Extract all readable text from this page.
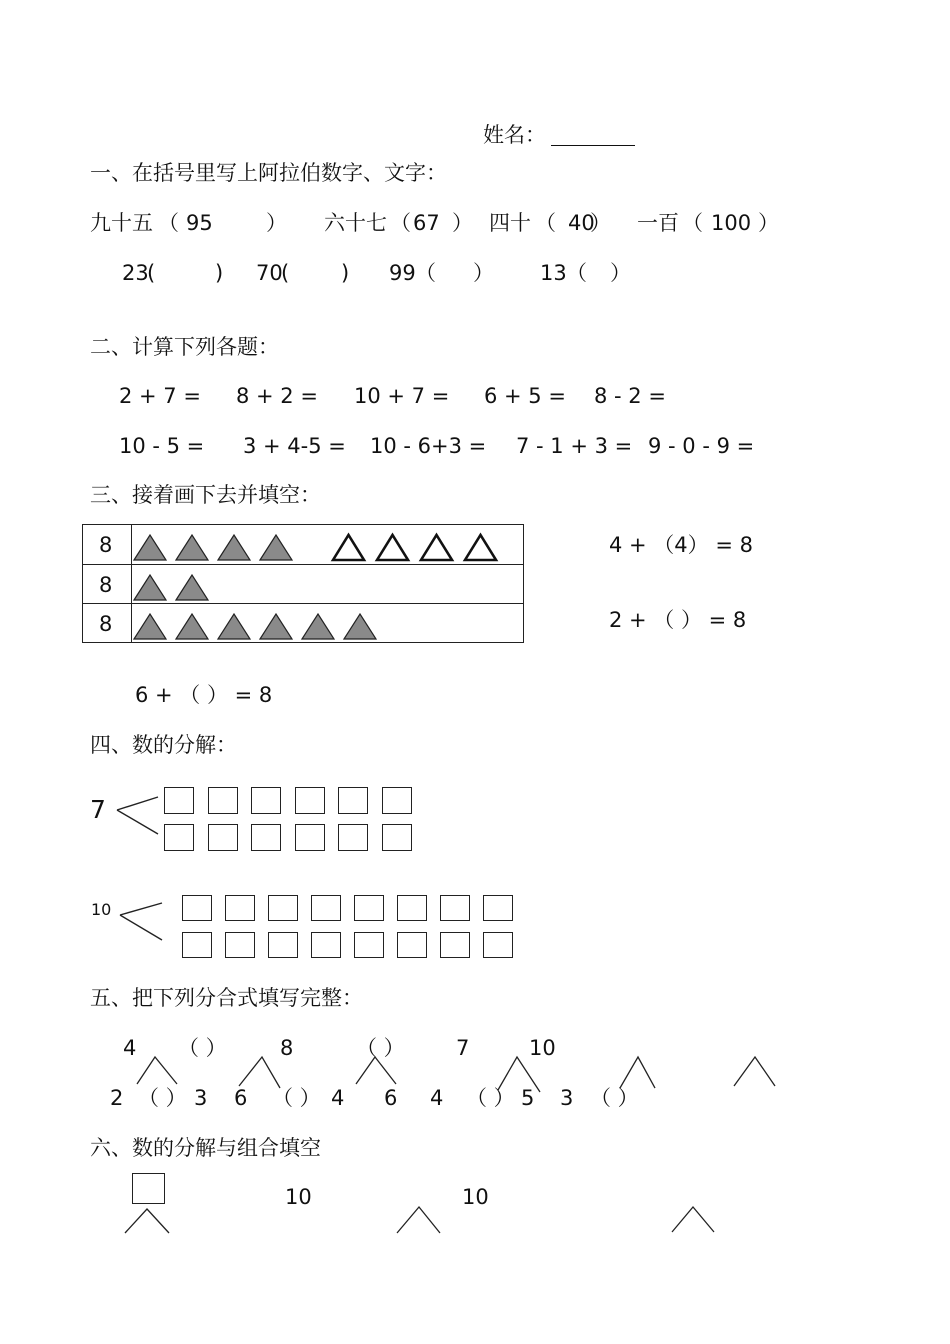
姓名：
一、在括号里写上阿拉伯数字、文字：
九十五 （ 95	） 六十七 （ 67 ） 四十 （ 40
） 一百 （ 100 ）
23
(	) 70
( ) 99 （ ） 13 （ ）
二、计算下列各题：
2 + 7 = 8 + 2 = 10 + 7 = 6 + 5 = 8 - 2 =
10 - 5 = 3 + 4-5 = 10 - 6+3 = 7 - 1 + 3 = 9 - 0 - 9 =
三、接着画下去并填空：
8
8
8
4 + （4） = 8
2 + （ ） = 8
6 + （ ） = 8
四、数的分解：
7
10
五、把下列分合式填写完整：
4 （ ）	8	（ ） 7	10
2 （ ） 3 6 （ ） 4 6 4 （ ） 5 3 （ ）
六、数的分解与组合填空
10	10
